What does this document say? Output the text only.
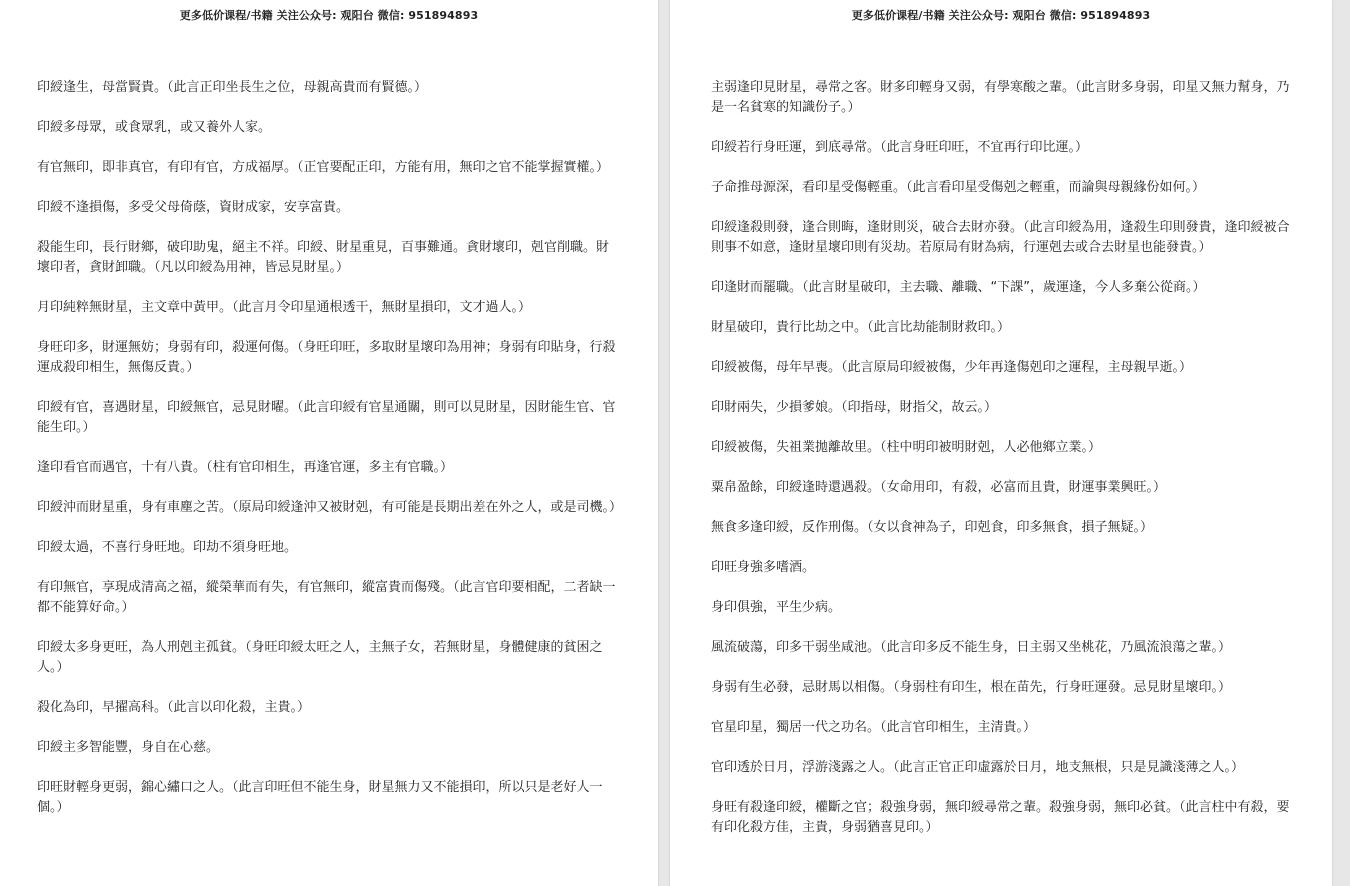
更多低价课程/书籍 关注公众号: 观阳台 微信: 951894893

印綬逢生，母當賢貴。（此言正印坐長生之位，母親高貴而有賢德。）

印綬多母眾，或食眾乳，或又養外人家。

有官無印，即非真官，有印有官，方成福厚。（正官要配正印，方能有用，無印之官不能掌握實權。）

印綬不逢損傷，多受父母倚蔭，資財成家，安享富貴。

殺能生印，長行財鄉，破印助鬼，絕主不祥。印綬、財星重見，百事難通。貪財壞印，剋官削職。財壞印者，貪財卸職。（凡以印綬為用神，皆忌見財星。）

月印純粹無財星，主文章中黃甲。（此言月令印星通根透干，無財星損印，文才過人。）

身旺印多，財運無妨；身弱有印，殺運何傷。（身旺印旺，多取財星壞印為用神；身弱有印貼身，行殺運成殺印相生，無傷反貴。）

印綬有官，喜遇財星，印綬無官，忌見財曜。（此言印綬有官星通關，則可以見財星，因財能生官、官能生印。）

逢印看官而遇官，十有八貴。（柱有官印相生，再逢官運，多主有官職。）

印綬沖而財星重，身有車塵之苦。（原局印綬逢沖又被財剋，有可能是長期出差在外之人，或是司機。）

印綬太過，不喜行身旺地。印劫不須身旺地。

有印無官，享現成清高之福，縱榮華而有失，有官無印，縱富貴而傷殘。（此言官印要相配，二者缺一都不能算好命。）

印綬太多身更旺，為人刑剋主孤貧。（身旺印綬太旺之人，主無子女，若無財星，身體健康的貧困之人。）

殺化為印，早擢高科。（此言以印化殺，主貴。）

印綬主多智能豐，身自在心慈。

印旺財輕身更弱，錦心繡口之人。（此言印旺但不能生身，財星無力又不能損印，所以只是老好人一個。）

更多低价课程/书籍 关注公众号: 观阳台 微信: 951894893

主弱逢印見財星，尋常之客。財多印輕身又弱，有學寒酸之輩。（此言財多身弱，印星又無力幫身，乃是一名貧寒的知識份子。）

印綬若行身旺運，到底尋常。（此言身旺印旺，不宜再行印比運。）

子命推母源深，看印星受傷輕重。（此言看印星受傷剋之輕重，而論與母親緣份如何。）

印綬逢殺則發，逢合則晦，逢財則災，破合去財亦發。（此言印綬為用，逢殺生印則發貴，逢印綬被合則事不如意，逢財星壞印則有災劫。若原局有財為病，行運剋去或合去財星也能發貴。）

印逢財而罷職。（此言財星破印，主去職、離職、“下課”，歲運逢，今人多棄公從商。）

財星破印，貴行比劫之中。（此言比劫能制財救印。）

印綬被傷，母年早喪。（此言原局印綬被傷，少年再逢傷剋印之運程，主母親早逝。）

印財兩失，少損爹娘。（印指母，財指父，故云。）

印綬被傷，失祖業拋離故里。（柱中明印被明財剋，人必他鄉立業。）

粟帛盈餘，印綬逢時還遇殺。（女命用印，有殺，必富而且貴，財運事業興旺。）

無食多逢印綬，反作刑傷。（女以食神為子，印剋食，印多無食，損子無疑。）

印旺身強多嗜酒。

身印俱強，平生少病。

風流破蕩，印多干弱坐咸池。（此言印多反不能生身，日主弱又坐桃花，乃風流浪蕩之輩。）

身弱有生必發，忌財馬以相傷。（身弱柱有印生，根在苗先，行身旺運發。忌見財星壞印。）

官星印星，獨居一代之功名。（此言官印相生，主清貴。）

官印透於日月，浮游淺露之人。（此言正官正印虛露於日月，地支無根，只是見識淺薄之人。）

身旺有殺逢印綬，權斷之官；殺強身弱，無印綬尋常之輩。殺強身弱，無印必貧。（此言柱中有殺，要有印化殺方佳，主貴，身弱猶喜見印。）
